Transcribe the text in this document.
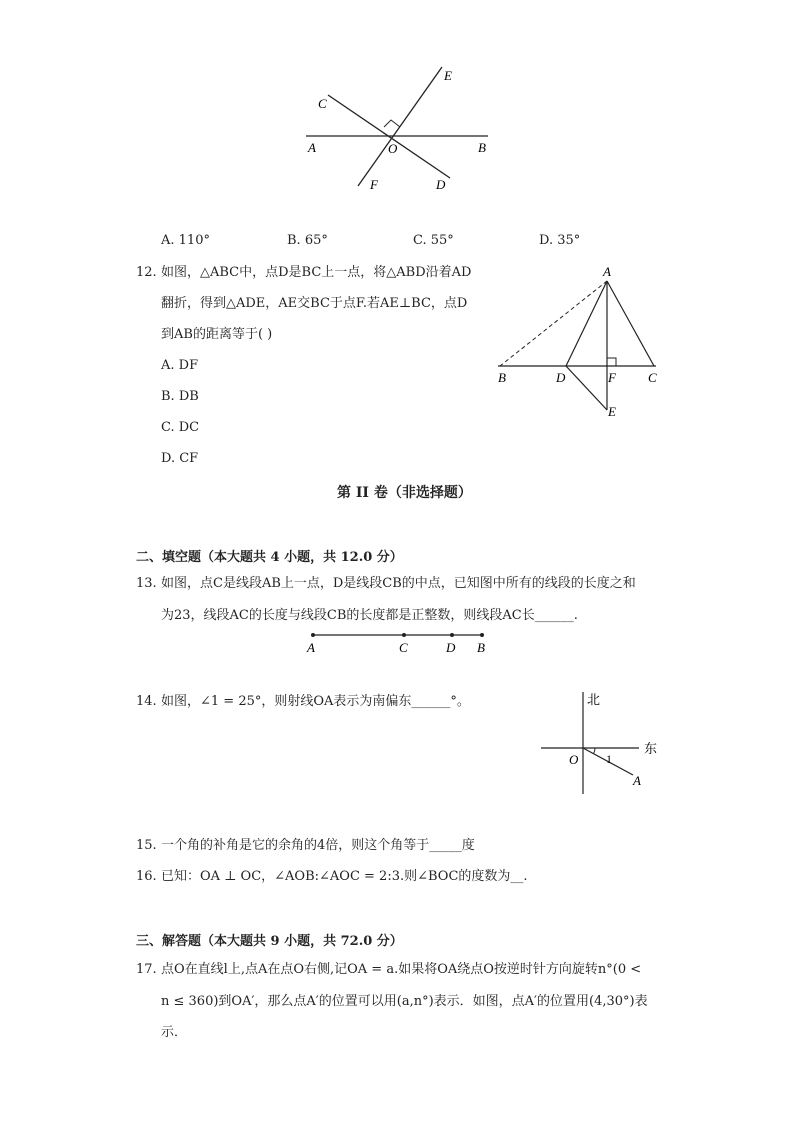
C
E
A	O	B
F	D
A. 110°	B. 65°	C. 55°	D. 35°
12. 如图，△ABC中，点D是BC上一点，将△ABD沿着AD
翻折，得到△ADE，AE交BC于点F.若AE⊥BC，点D
到AB的距离等于( )
A. DF
B. DB
C. DC
D. CF
A
B	D	F C
E
第 II 卷（非选择题）
二、填空题（本大题共 4 小题，共 12.0 分）
13. 如图，点C是线段AB上一点，D是线段CB的中点，已知图中所有的线段的长度之和
为23，线段AC的长度与线段CB的长度都是正整数，则线段AC长______.
A	C	D B
14. 如图，∠1 = 25°，则射线OA表示为南偏东______°。	北
东
O 1
A
15. 一个角的补角是它的余角的4倍，则这个角等于_____度
16. 已知：OA ⊥ OC，∠AOB:∠AOC = 2:3.则∠BOC的度数为__.
三、解答题（本大题共 9 小题，共 72.0 分）
17. 点O在直线l上,点A在点O右侧,记OA = a.如果将OA绕点O按逆时针方向旋转n°(0 <
n ≤ 360)到OA′，那么点A′的位置可以用(a,n°)表示．如图，点A′的位置用(4,30°)表
示．
